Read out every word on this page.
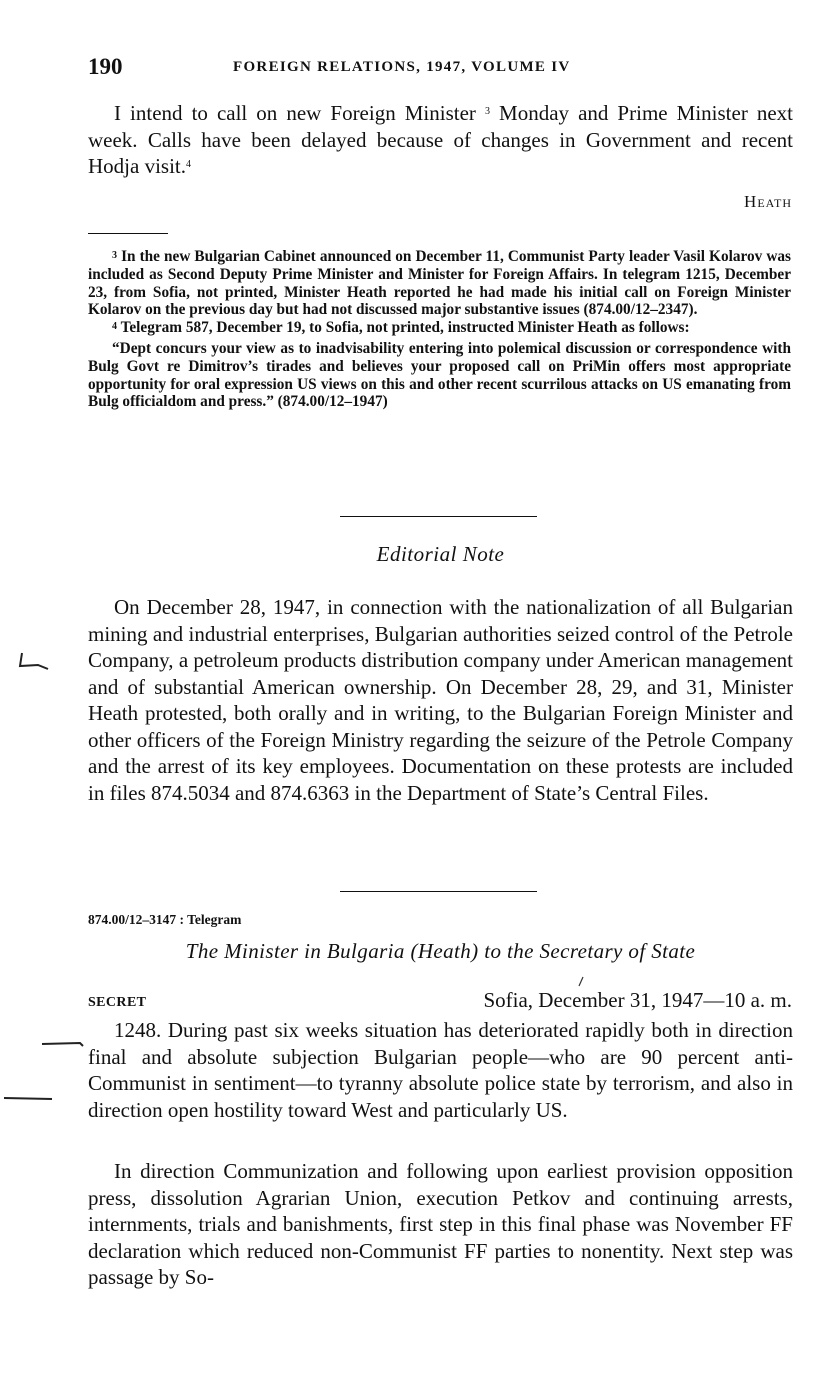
190	FOREIGN RELATIONS, 1947, VOLUME IV

I intend to call on new Foreign Minister $^3$ Monday and Prime Minister next week. Calls have been delayed because of changes in Government and recent Hodja visit.$^4$

Heath

$^3$ In the new Bulgarian Cabinet announced on December 11, Communist Party leader Vasil Kolarov was included as Second Deputy Prime Minister and Minister for Foreign Affairs. In telegram 1215, December 23, from Sofia, not printed, Minister Heath reported he had made his initial call on Foreign Minister Kolarov on the previous day but had not discussed major substantive issues (874.00/12–2347).

$^4$ Telegram 587, December 19, to Sofia, not printed, instructed Minister Heath as follows:

“Dept concurs your view as to inadvisability entering into polemical discussion or correspondence with Bulg Govt re Dimitrov’s tirades and believes your proposed call on PriMin offers most appropriate opportunity for oral expression US views on this and other recent scurrilous attacks on US emanating from Bulg officialdom and press.” (874.00/12–1947)

Editorial Note

On December 28, 1947, in connection with the nationalization of all Bulgarian mining and industrial enterprises, Bulgarian authorities seized control of the Petrole Company, a petroleum products distribution company under American management and of substantial American ownership. On December 28, 29, and 31, Minister Heath protested, both orally and in writing, to the Bulgarian Foreign Minister and other officers of the Foreign Ministry regarding the seizure of the Petrole Company and the arrest of its key employees. Documentation on these protests are included in files 874.5034 and 874.6363 in the Department of State’s Central Files.

874.00/12–3147 : Telegram
The Minister in Bulgaria (Heath) to the Secretary of State
SECRET	Sofia, December 31, 1947—10 a. m.

1248. During past six weeks situation has deteriorated rapidly both in direction final and absolute subjection Bulgarian people—who are 90 percent anti-Communist in sentiment—to tyranny absolute police state by terrorism, and also in direction open hostility toward West and particularly US.

In direction Communization and following upon earliest provision opposition press, dissolution Agrarian Union, execution Petkov and continuing arrests, internments, trials and banishments, first step in this final phase was November FF declaration which reduced non-Communist FF parties to nonentity. Next step was passage by So-
